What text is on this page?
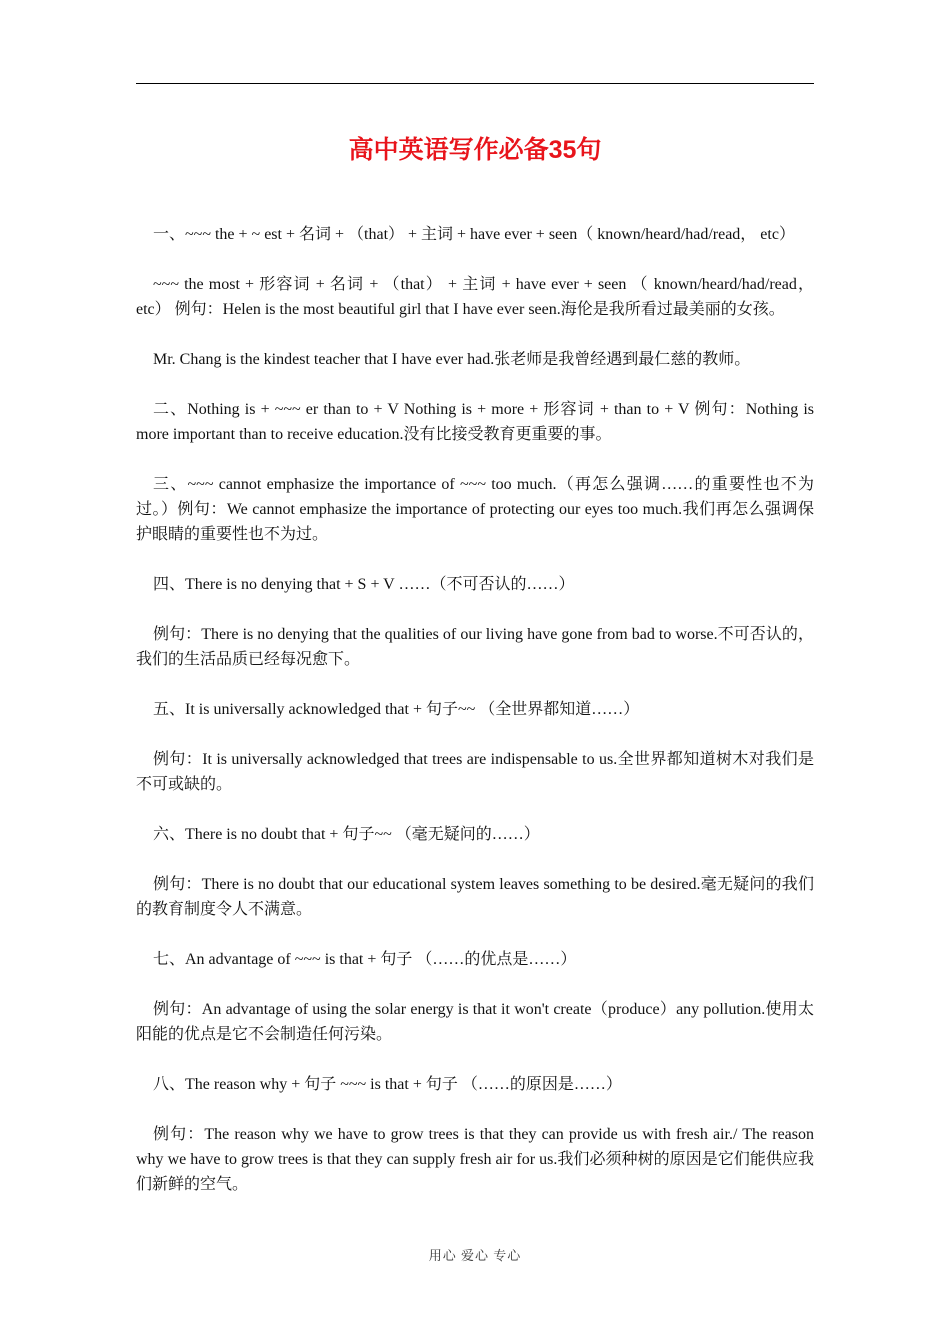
高中英语写作必备35句

一、~~~ the + ~ est + 名词 + （that） + 主词 + have ever + seen（ known/heard/had/read， etc）

~~~ the most + 形容词 + 名词 + （that） + 主词 + have ever + seen （ known/heard/had/read，etc） 例句：Helen is the most beautiful girl that I have ever seen.海伦是我所看过最美丽的女孩。

Mr. Chang is the kindest teacher that I have ever had.张老师是我曾经遇到最仁慈的教师。

二、Nothing is + ~~~ er than to + V Nothing is + more + 形容词 + than to + V 例句：Nothing is more important than to receive education.没有比接受教育更重要的事。

三、~~~ cannot emphasize the importance of ~~~ too much.（再怎么强调……的重要性也不为过。）例句：We cannot emphasize the importance of protecting our eyes too much.我们再怎么强调保护眼睛的重要性也不为过。

四、There is no denying that + S + V ……（不可否认的……）

例句：There is no denying that the qualities of our living have gone from bad to worse.不可否认的，我们的生活品质已经每况愈下。

五、It is universally acknowledged that + 句子~~ （全世界都知道……）

例句：It is universally acknowledged that trees are indispensable to us.全世界都知道树木对我们是不可或缺的。

六、There is no doubt that + 句子~~ （毫无疑问的……）

例句：There is no doubt that our educational system leaves something to be desired.毫无疑问的我们的教育制度令人不满意。

七、An advantage of ~~~ is that + 句子 （……的优点是……）

例句：An advantage of using the solar energy is that it won't create（produce）any pollution.使用太阳能的优点是它不会制造任何污染。

八、The reason why + 句子 ~~~ is that + 句子 （……的原因是……）

例句：The reason why we have to grow trees is that they can provide us with fresh air./ The reason why we have to grow trees is that they can supply fresh air for us.我们必须种树的原因是它们能供应我们新鲜的空气。

用心 爱心 专心
